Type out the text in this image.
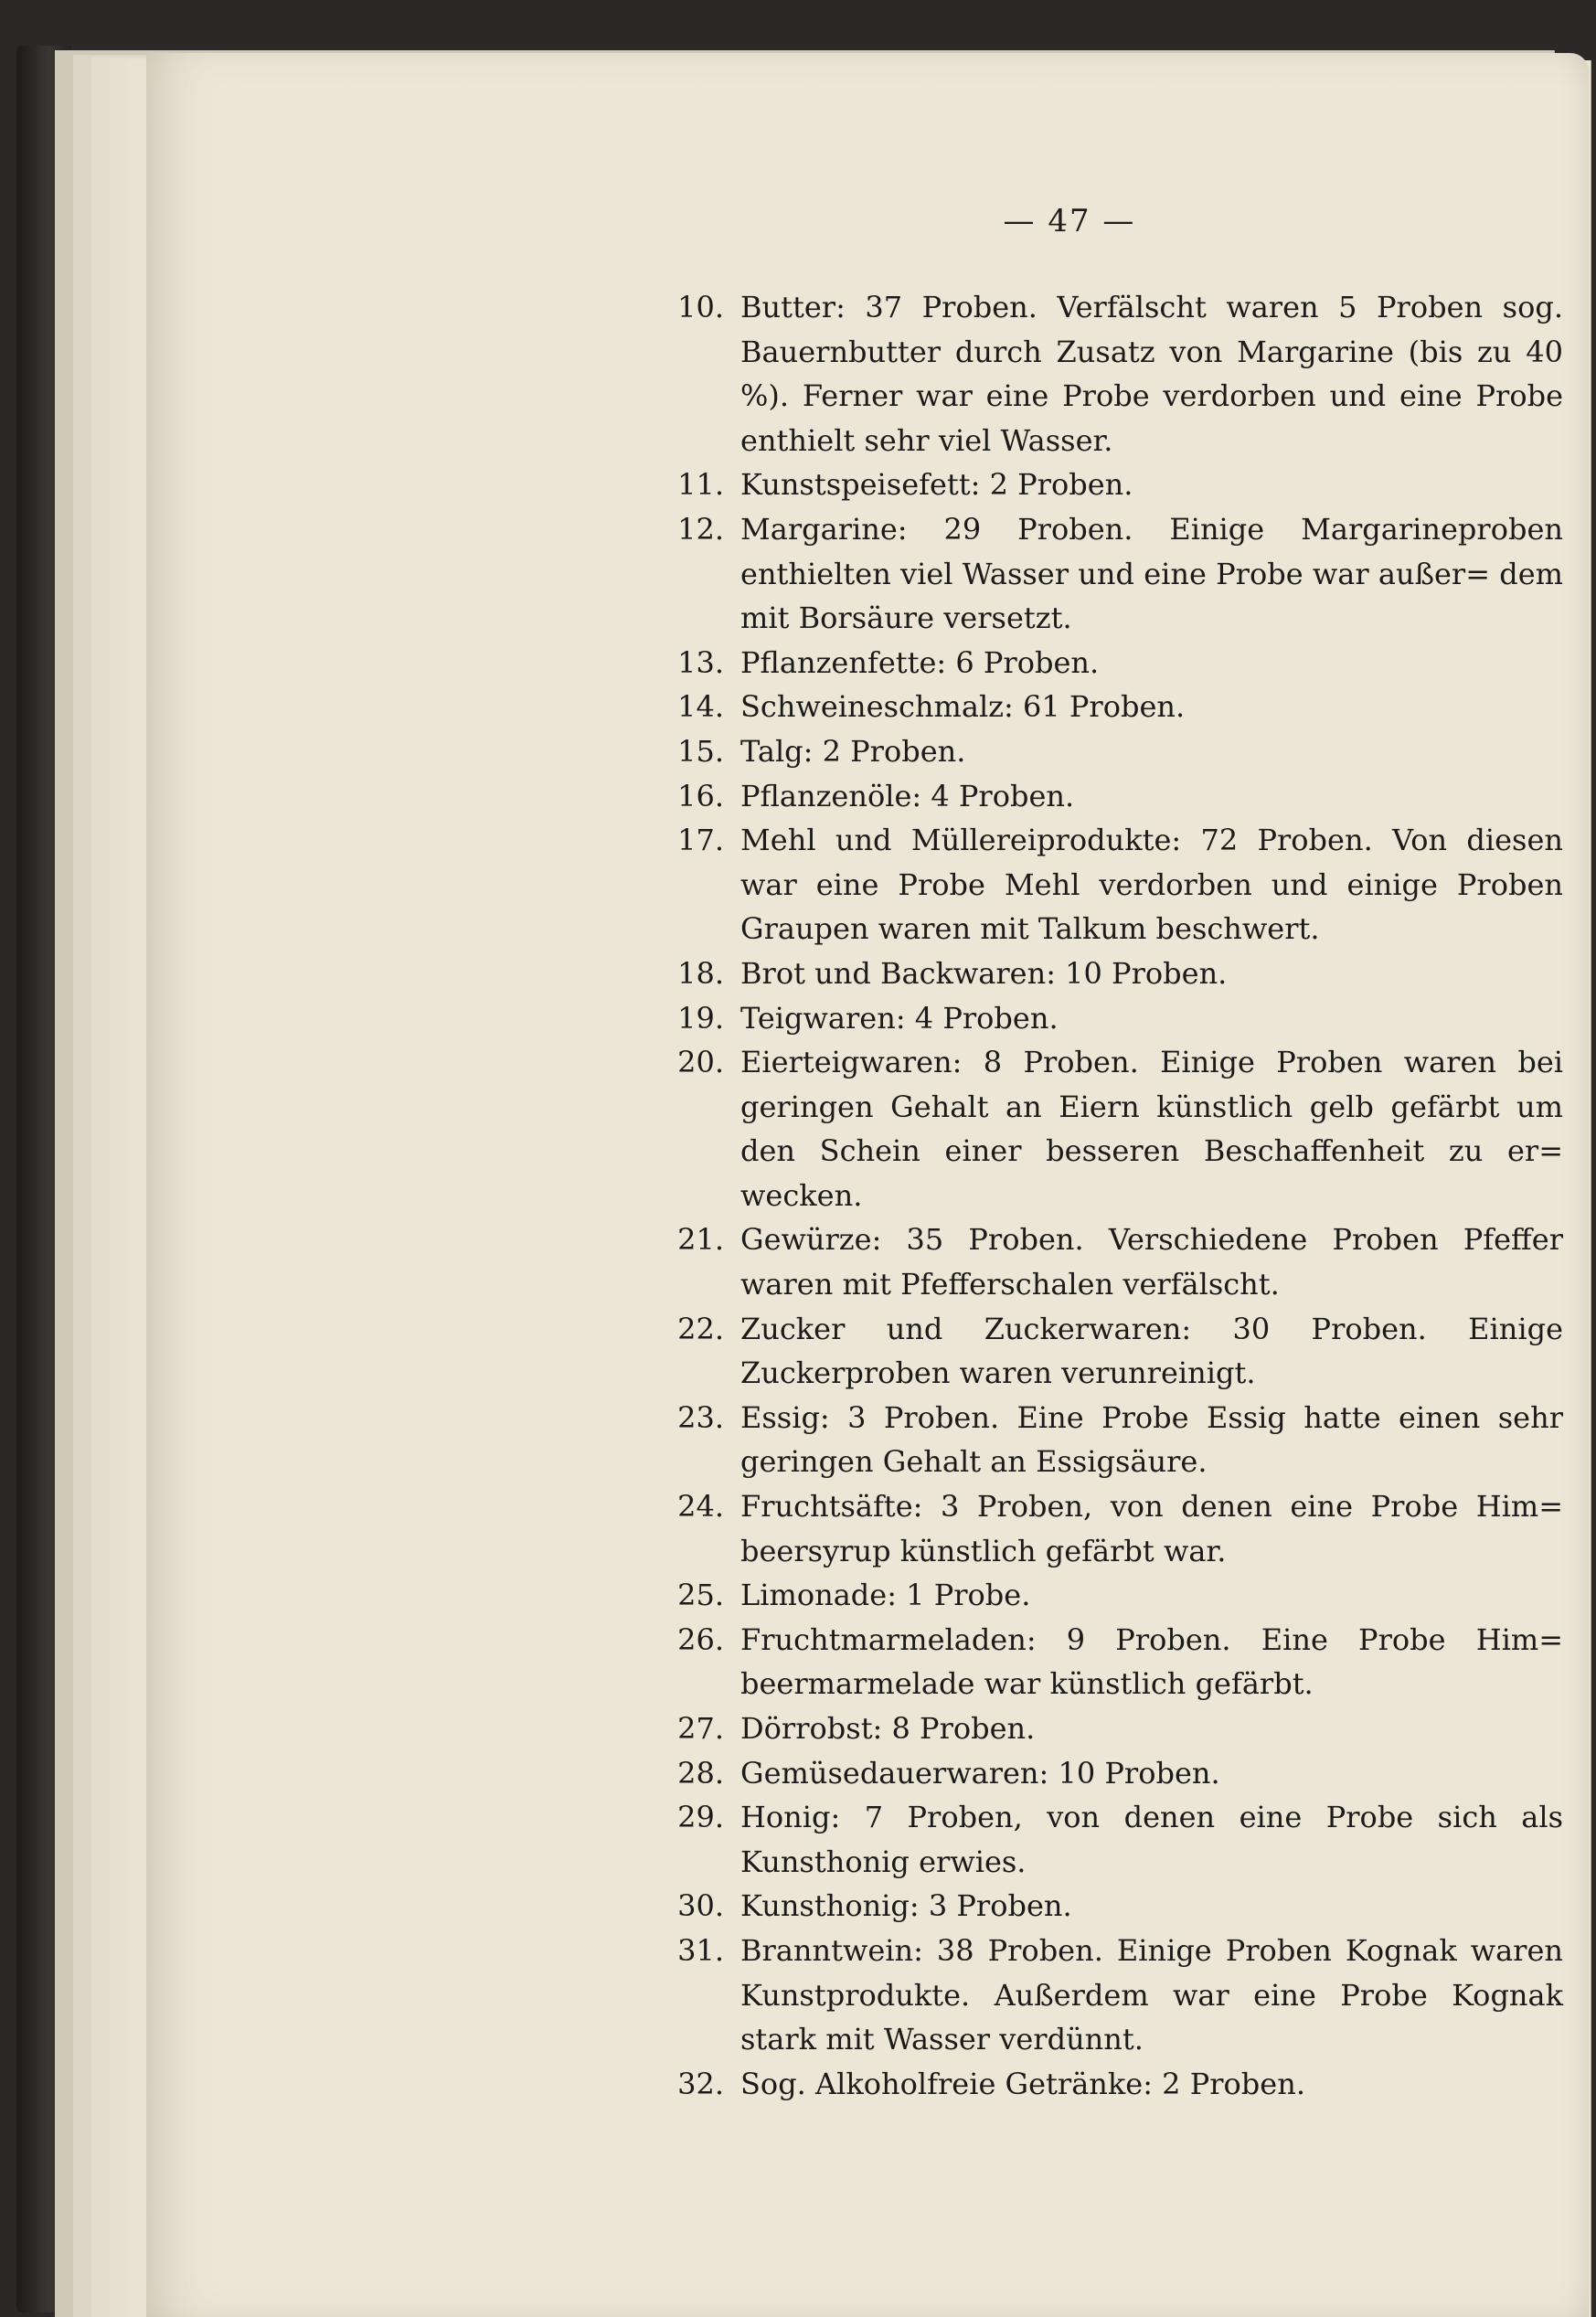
— 47 —
10. Butter: 37 Proben. Verfälscht waren 5 Proben sog. Bauernbutter durch Zusatz von Margarine (bis zu 40 %). Ferner war eine Probe verdorben und eine Probe enthielt sehr viel Wasser.
11. Kunstspeisefett: 2 Proben.
12. Margarine: 29 Proben. Einige Margarineproben enthielten viel Wasser und eine Probe war außer= dem mit Borsäure versetzt.
13. Pflanzenfette: 6 Proben.
14. Schweineschmalz: 61 Proben.
15. Talg: 2 Proben.
16. Pflanzenöle: 4 Proben.
17. Mehl und Müllereiprodukte: 72 Proben. Von diesen war eine Probe Mehl verdorben und einige Proben Graupen waren mit Talkum beschwert.
18. Brot und Backwaren: 10 Proben.
19. Teigwaren: 4 Proben.
20. Eierteigwaren: 8 Proben. Einige Proben waren bei geringen Gehalt an Eiern künstlich gelb gefärbt um den Schein einer besseren Beschaffenheit zu er= wecken.
21. Gewürze: 35 Proben. Verschiedene Proben Pfeffer waren mit Pfefferschalen verfälscht.
22. Zucker und Zuckerwaren: 30 Proben. Einige Zuckerproben waren verunreinigt.
23. Essig: 3 Proben. Eine Probe Essig hatte einen sehr geringen Gehalt an Essigsäure.
24. Fruchtsäfte: 3 Proben, von denen eine Probe Him= beersyrup künstlich gefärbt war.
25. Limonade: 1 Probe.
26. Fruchtmarmeladen: 9 Proben. Eine Probe Him= beermarmelade war künstlich gefärbt.
27. Dörrobst: 8 Proben.
28. Gemüsedauerwaren: 10 Proben.
29. Honig: 7 Proben, von denen eine Probe sich als Kunsthonig erwies.
30. Kunsthonig: 3 Proben.
31. Branntwein: 38 Proben. Einige Proben Kognak waren Kunstprodukte. Außerdem war eine Probe Kognak stark mit Wasser verdünnt.
32. Sog. Alkoholfreie Getränke: 2 Proben.
